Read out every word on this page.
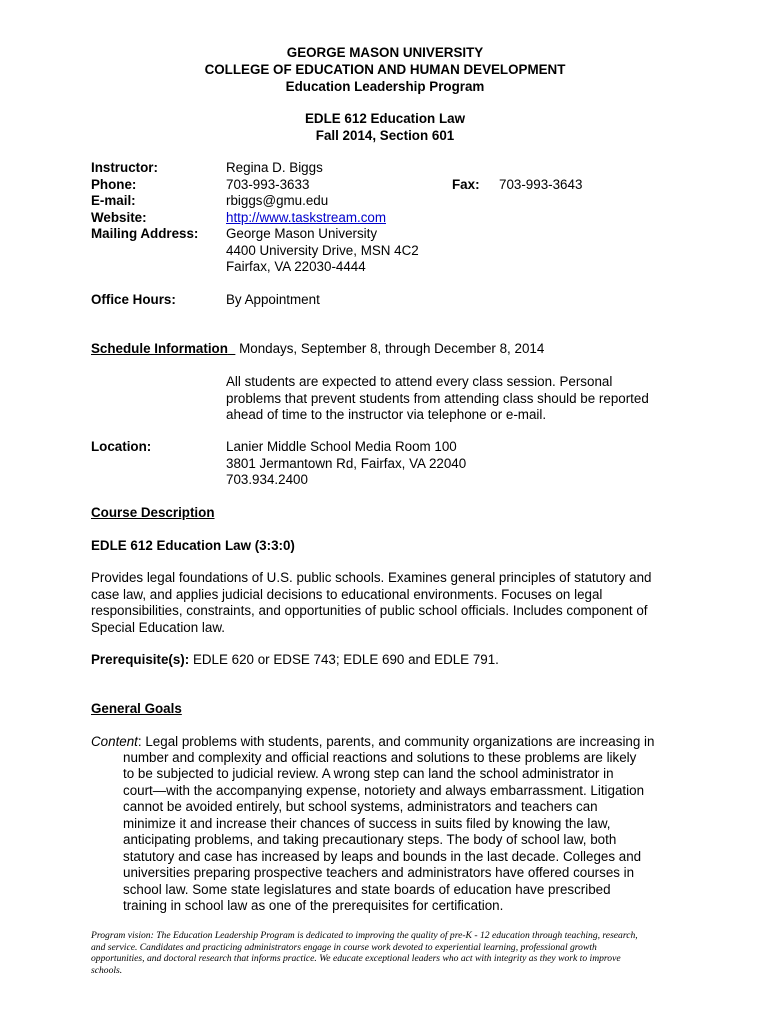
GEORGE MASON UNIVERSITY
COLLEGE OF EDUCATION AND HUMAN DEVELOPMENT
Education Leadership Program
EDLE 612 Education Law
Fall 2014, Section 601
Instructor:	Regina D. Biggs
Phone:	703-993-3633	Fax: 703-993-3643
E-mail:	rbiggs@gmu.edu
Website:	http://www.taskstream.com
Mailing Address: George Mason University
4400 University Drive, MSN 4C2
Fairfax, VA 22030-4444
Office Hours:	By Appointment
Schedule Information Mondays, September 8, through December 8, 2014
All students are expected to attend every class session. Personal
problems that prevent students from attending class should be reported
ahead of time to the instructor via telephone or e-mail.
Location:	Lanier Middle School Media Room 100
3801 Jermantown Rd, Fairfax, VA 22040
703.934.2400
Course Description
EDLE 612 Education Law (3:3:0)
Provides legal foundations of U.S. public schools. Examines general principles of statutory and
case law, and applies judicial decisions to educational environments. Focuses on legal
responsibilities, constraints, and opportunities of public school officials. Includes component of
Special Education law.
Prerequisite(s): EDLE 620 or EDSE 743; EDLE 690 and EDLE 791.
General Goals
Content: Legal problems with students, parents, and community organizations are increasing in
number and complexity and official reactions and solutions to these problems are likely
to be subjected to judicial review. A wrong step can land the school administrator in
court—with the accompanying expense, notoriety and always embarrassment. Litigation
cannot be avoided entirely, but school systems, administrators and teachers can
minimize it and increase their chances of success in suits filed by knowing the law,
anticipating problems, and taking precautionary steps. The body of school law, both
statutory and case has increased by leaps and bounds in the last decade. Colleges and
universities preparing prospective teachers and administrators have offered courses in
school law. Some state legislatures and state boards of education have prescribed
training in school law as one of the prerequisites for certification.
Program vision: The Education Leadership Program is dedicated to improving the quality of pre-K - 12 education through teaching, research,
and service. Candidates and practicing administrators engage in course work devoted to experiential learning, professional growth
opportunities, and doctoral research that informs practice. We educate exceptional leaders who act with integrity as they work to improve
schools.
